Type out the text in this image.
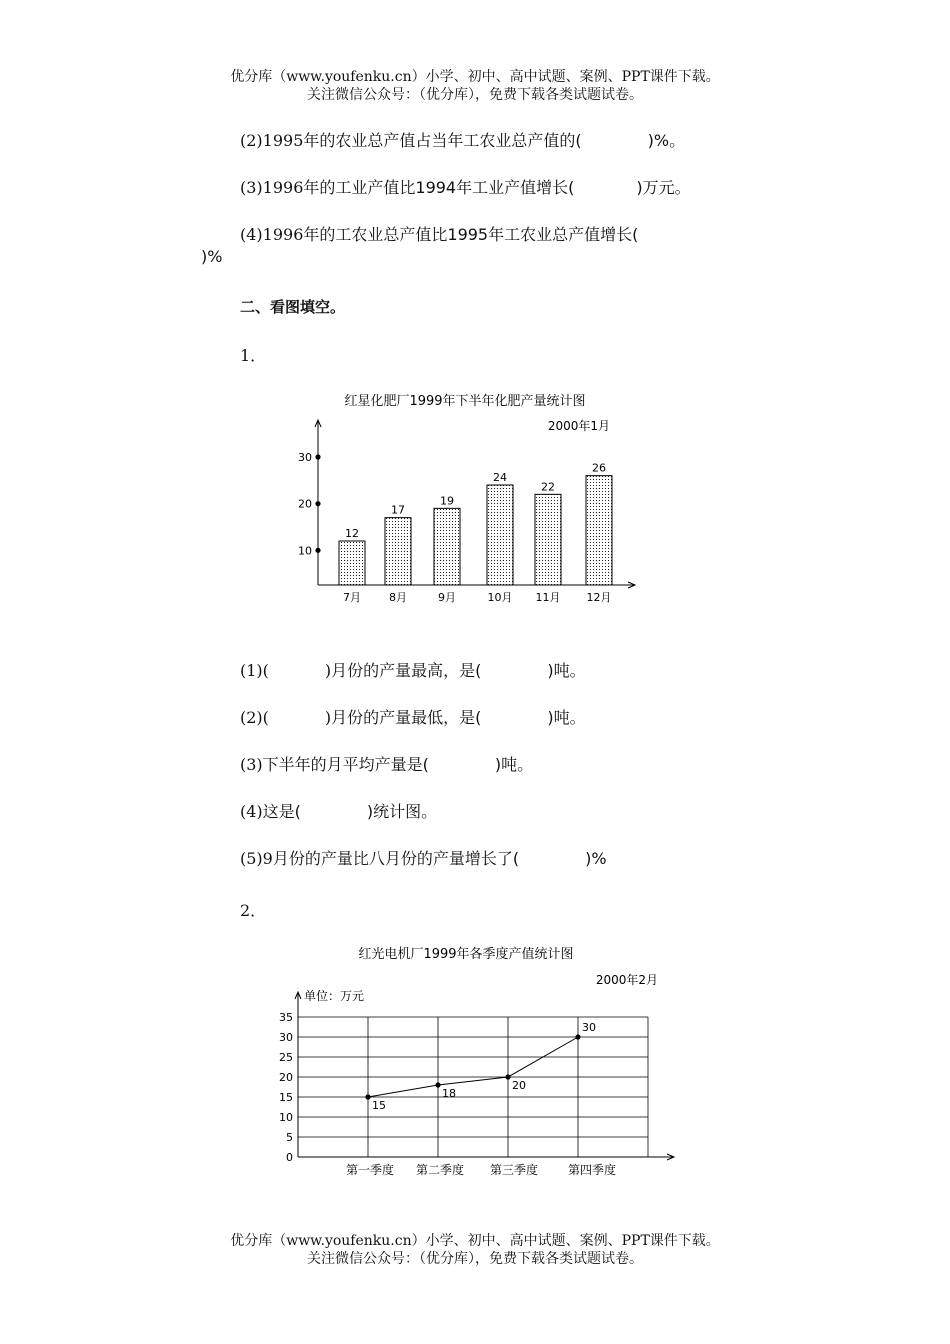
优分库（www.youfenku.cn）小学、初中、高中试题、案例、PPT课件下载。
关注微信公众号：（优分库），免费下载各类试题试卷。
(2)1995年的农业总产值占当年工农业总产值的(	)%。
(3)1996年的工业产值比1994年工业产值增长(	)万元。
(4)1996年的工农业总产值比1995年工农业总产值增长(
)%
二、看图填空。
1．
红星化肥厂1999年下半年化肥产量统计图
2000年1月
10
20
30
12
7月
17
8月
19
9月
24
10月
22
11月
26
12月
(1)(	)月份的产量最高，是(	)吨。
(2)(	)月份的产量最低，是(	)吨。
(3)下半年的月平均产量是(	)吨。
(4)这是(	)统计图。
(5)9月份的产量比八月份的产量增长了(	)%
2．
红光电机厂1999年各季度产值统计图
2000年2月
单位：万元
0
5
10
15
20
25
30
35
15
18
20
30
第一季度 第二季度 第三季度 第四季度
优分库（www.youfenku.cn）小学、初中、高中试题、案例、PPT课件下载。
关注微信公众号：（优分库），免费下载各类试题试卷。
